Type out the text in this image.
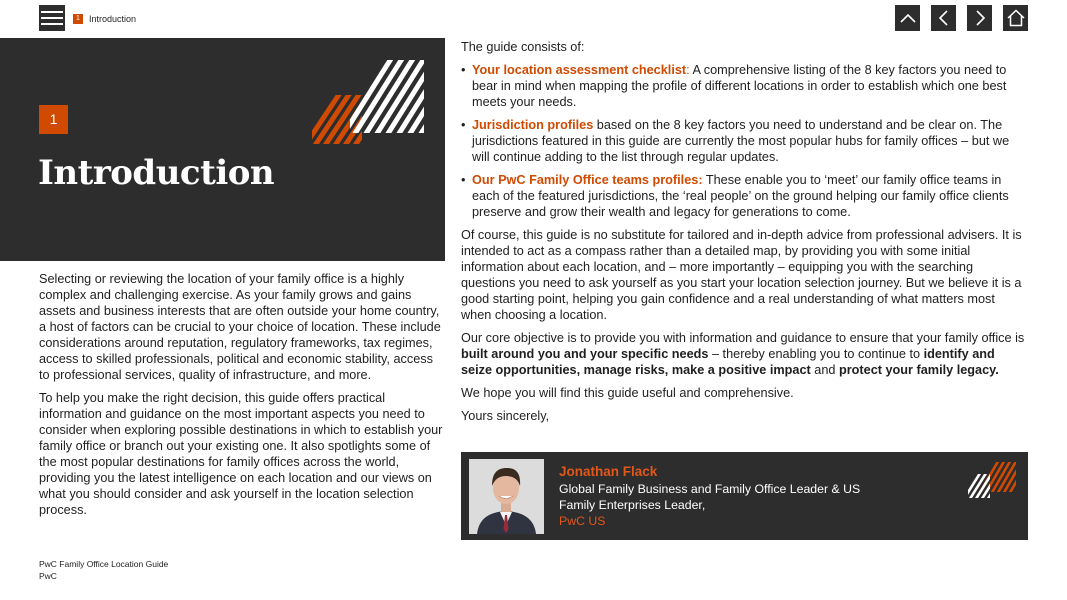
1	Introduction
1
Introduction

Selecting or reviewing the location of your family office is a highly complex and challenging exercise. As your family grows and gains assets and business interests that are often outside your home country, a host of factors can be crucial to your choice of location. These include considerations around reputation, regulatory frameworks, tax regimes, access to skilled professionals, political and economic stability, access to professional services, quality of infrastructure, and more.

To help you make the right decision, this guide offers practical information and guidance on the most important aspects you need to consider when exploring possible destinations in which to establish your family office or branch out your existing one. It also spotlights some of the most popular destinations for family offices across the world, providing you the latest intelligence on each location and our views on what you should consider and ask yourself in the location selection process.

The guide consists of:

• Your location assessment checklist: A comprehensive listing of the 8 key factors you need to bear in mind when mapping the profile of different locations in order to establish which one best meets your needs.
• Jurisdiction profiles based on the 8 key factors you need to understand and be clear on. The jurisdictions featured in this guide are currently the most popular hubs for family offices – but we will continue adding to the list through regular updates.
• Our PwC Family Office teams profiles: These enable you to ‘meet’ our family office teams in each of the featured jurisdictions, the ‘real people’ on the ground helping our family office clients preserve and grow their wealth and legacy for generations to come.

Of course, this guide is no substitute for tailored and in-depth advice from professional advisers. It is intended to act as a compass rather than a detailed map, by providing you with some initial information about each location, and – more importantly – equipping you with the searching questions you need to ask yourself as you start your location selection journey. But we believe it is a good starting point, helping you gain confidence and a real understanding of what matters most when choosing a location.

Our core objective is to provide you with information and guidance to ensure that your family office is built around you and your specific needs – thereby enabling you to continue to identify and seize opportunities, manage risks, make a positive impact and protect your family legacy.

We hope you will find this guide useful and comprehensive.

Yours sincerely,

Jonathan Flack
Global Family Business and Family Office Leader & US
Family Enterprises Leader,
PwC US
PwC Family Office Location Guide
PwC
